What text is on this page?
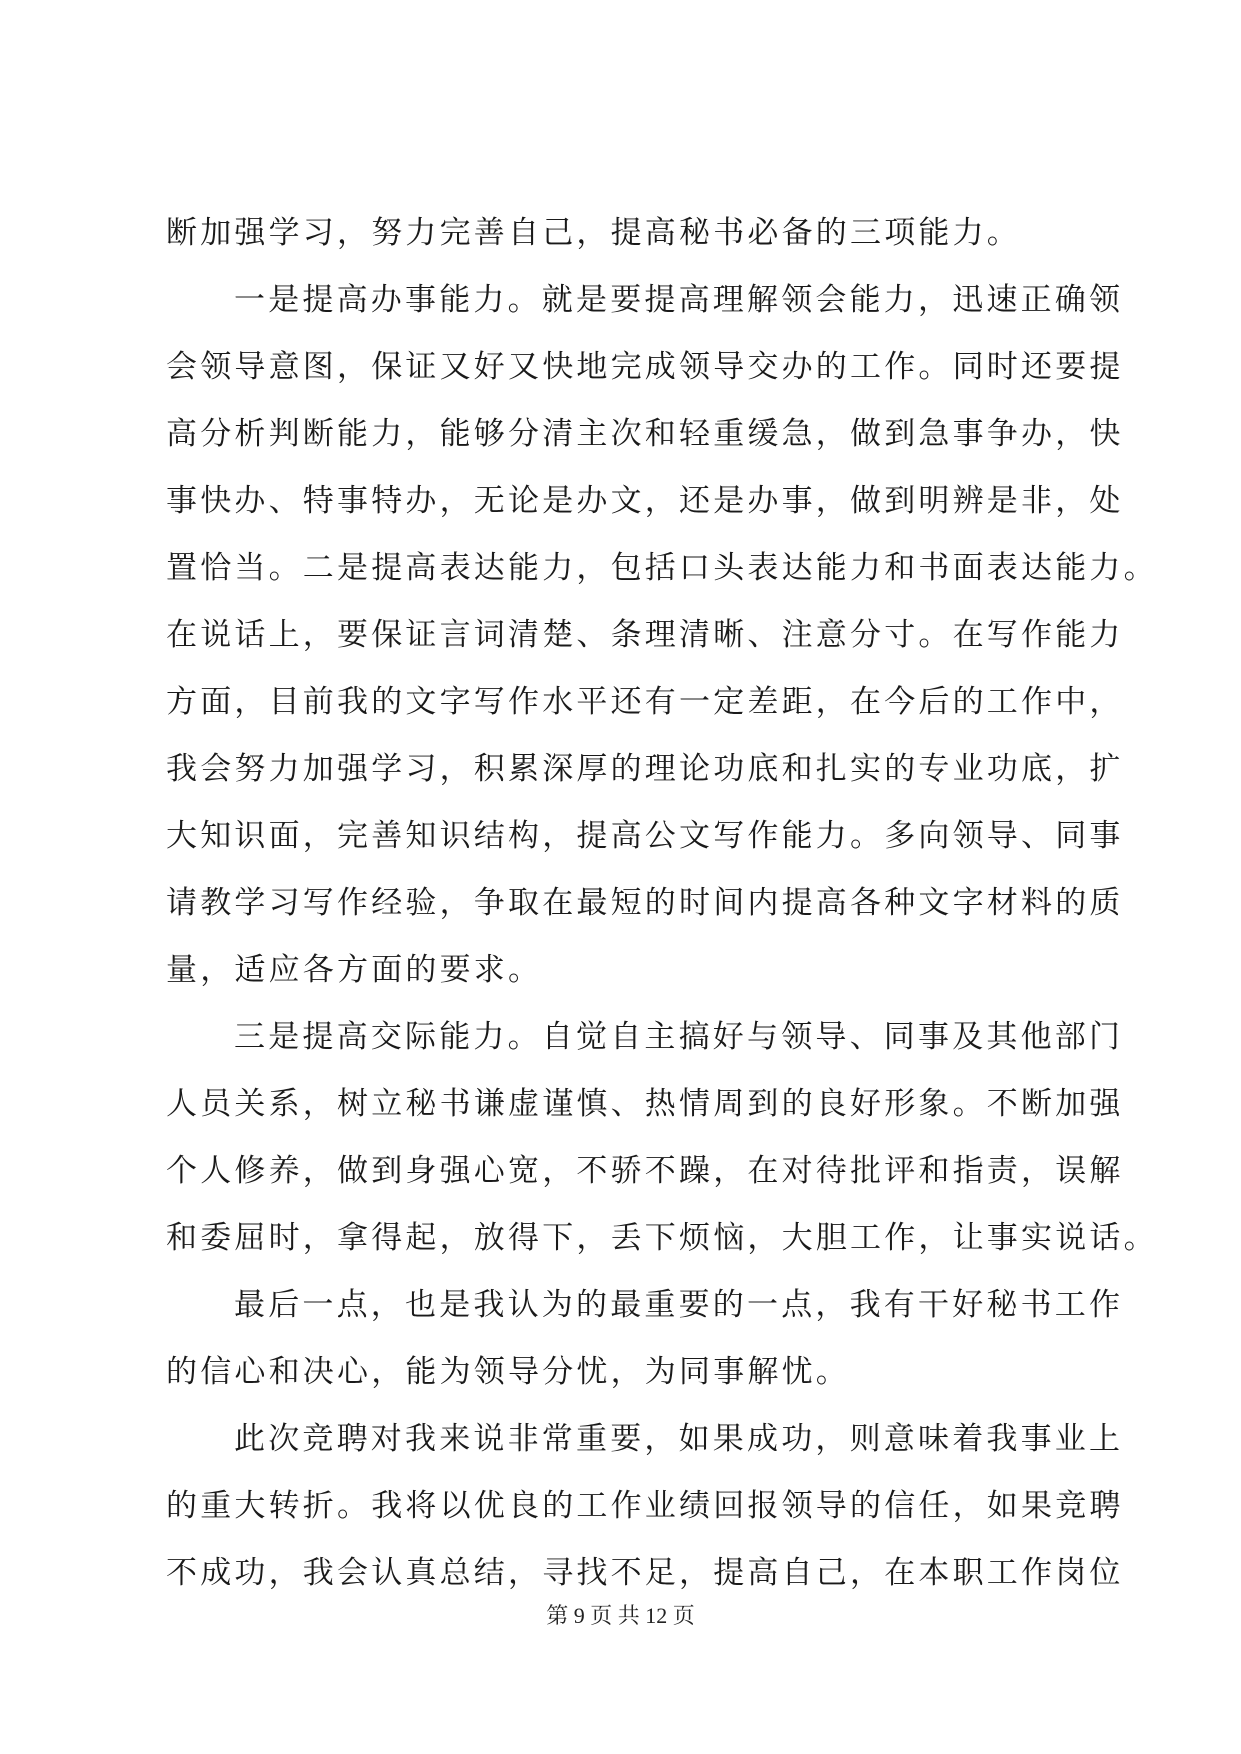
断加强学习，努力完善自己，提高秘书必备的三项能力。
一是提高办事能力。就是要提高理解领会能力，迅速正确领
会领导意图，保证又好又快地完成领导交办的工作。同时还要提
高分析判断能力，能够分清主次和轻重缓急，做到急事争办，快
事快办、特事特办，无论是办文，还是办事，做到明辨是非，处
置恰当。二是提高表达能力，包括口头表达能力和书面表达能力。
在说话上，要保证言词清楚、条理清晰、注意分寸。在写作能力
方面，目前我的文字写作水平还有一定差距，在今后的工作中，
我会努力加强学习，积累深厚的理论功底和扎实的专业功底，扩
大知识面，完善知识结构，提高公文写作能力。多向领导、同事
请教学习写作经验，争取在最短的时间内提高各种文字材料的质
量，适应各方面的要求。
三是提高交际能力。自觉自主搞好与领导、同事及其他部门
人员关系，树立秘书谦虚谨慎、热情周到的良好形象。不断加强
个人修养，做到身强心宽，不骄不躁，在对待批评和指责，误解
和委屈时，拿得起，放得下，丢下烦恼，大胆工作，让事实说话。
最后一点，也是我认为的最重要的一点，我有干好秘书工作
的信心和决心，能为领导分忧，为同事解忧。
此次竞聘对我来说非常重要，如果成功，则意味着我事业上
的重大转折。我将以优良的工作业绩回报领导的信任，如果竞聘
不成功，我会认真总结，寻找不足，提高自己，在本职工作岗位
第 9 页 共 12 页
